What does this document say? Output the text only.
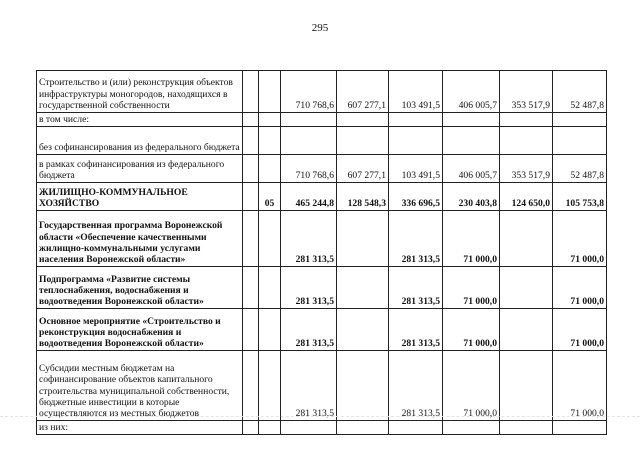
295
Строительство и (или) реконструкция объектов инфраструктуры моногородов, находящихся в государственной собственности			710 768,6	607 277,1	103 491,5	406 005,7	353 517,9	52 487,8
в том числе:								
без софинансирования из федерального бюджета								
в рамках софинансирования из федерального бюджета			710 768,6	607 277,1	103 491,5	406 005,7	353 517,9	52 487,8
ЖИЛИЩНО-КОММУНАЛЬНОЕ ХОЗЯЙСТВО		05	465 244,8	128 548,3	336 696,5	230 403,8	124 650,0	105 753,8
Государственная программа Воронежской области «Обеспечение качественными жилищно-коммунальными услугами населения Воронежской области»			281 313,5		281 313,5	71 000,0		71 000,0
Подпрограмма «Развитие системы теплоснабжения, водоснабжения и водоотведения Воронежской области»			281 313,5		281 313,5	71 000,0		71 000,0
Основное мероприятие «Строительство и реконструкция водоснабжения и водоотведения Воронежской области»			281 313,5		281 313,5	71 000,0		71 000,0
Субсидии местным бюджетам на софинансирование объектов капитального строительства муниципальной собственности, бюджетные инвестиции в которые осуществляются из местных бюджетов			281 313,5		281 313,5	71 000,0		71 000,0
из них:								
